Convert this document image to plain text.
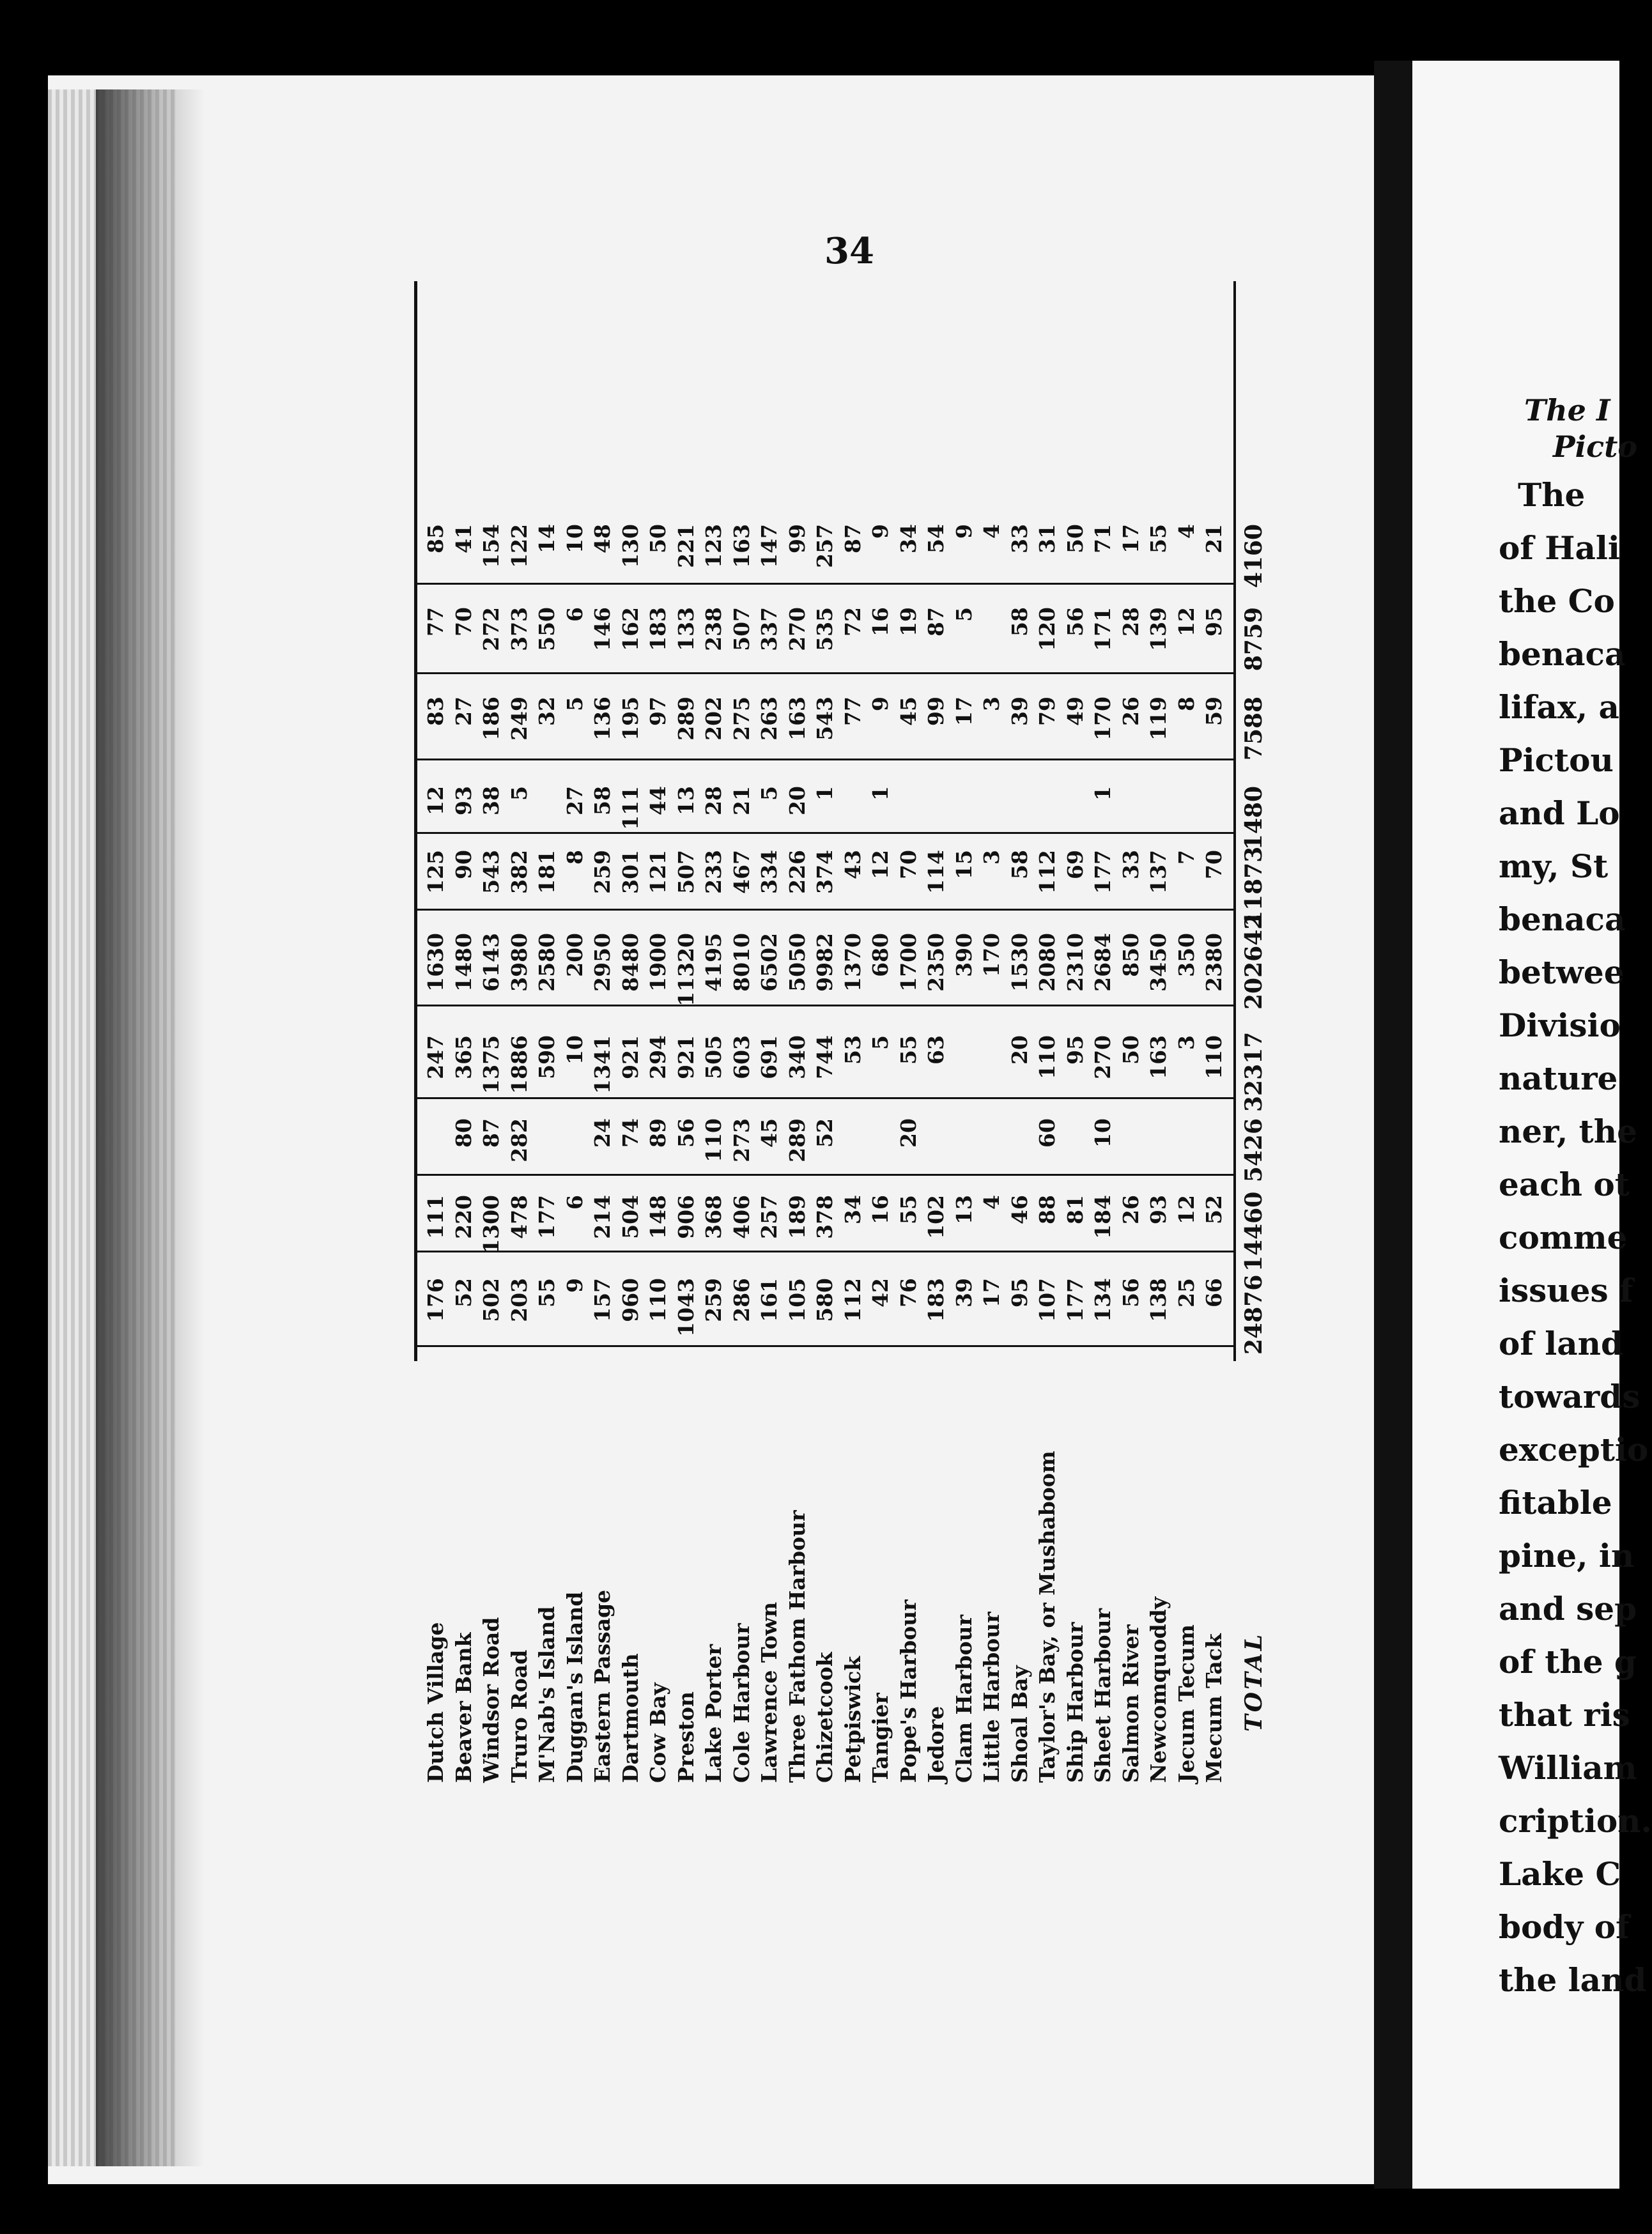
34
Dutch Village
176
111
247
1630
125
12
83
77
85
Beaver Bank
52
220
80
365
1480
90
93
27
70
41
Windsor Road
502
1300
87
1375
6143
543
38
186
272
154
Truro Road
203
478
282
1886
3980
382
5
249
373
122
M'Nab's Island
55
177
590
2580
181
32
550
14
Duggan's Island
9
6
10
200
8
27
5
6
10
Eastern Passage
157
214
24
1341
2950
259
58
136
146
48
Dartmouth
960
504
74
921
8480
301
111
195
162
130
Cow Bay
110
148
89
294
1900
121
44
97
183
50
Preston
1043
906
56
921
11320
507
13
289
133
221
Lake Porter
259
368
110
505
4195
233
28
202
238
123
Cole Harbour
286
406
273
603
8010
467
21
275
507
163
Lawrence Town
161
257
45
691
6502
334
5
263
337
147
Three Fathom Harbour
105
189
289
340
5050
226
20
163
270
99
Chizetcook
580
378
52
744
9982
374
1
543
535
257
Petpiswick
112
34
53
1370
43
77
72
87
Tangier
42
16
5
680
12
1
9
16
9
Pope's Harbour
76
55
20
55
1700
70
45
19
34
Jedore
183
102
63
2350
114
99
87
54
Clam Harbour
39
13
390
15
17
5
9
Little Harbour
17
4
170
3
3
4
Shoal Bay
95
46
20
1530
58
39
58
33
Taylor's Bay, or Mushaboom
107
88
60
110
2080
112
79
120
31
Ship Harbour
177
81
95
2310
69
49
56
50
Sheet Harbour
134
184
10
270
2684
177
1
170
171
71
Salmon River
56
26
50
850
33
26
28
17
Newcomquoddy
138
93
163
3450
137
119
139
55
Jecum Tecum
25
12
3
350
7
8
12
4
Mecum Tack
66
52
110
2380
70
59
95
21
TOTAL
24876
14460
5426
32317
202642
11873
1480
7588
8759
4160
The I
Picto
The
of Hali
the Co
benaca
lifax, a
Pictou
and Lo
my, St
benaca
betwee
Divisio
nature
ner, the
each ot
comme
issues f
of land
towards
exceptio
fitable
pine, in
and sep
of the g
that ris
William
cription.
Lake C
body of
the land
